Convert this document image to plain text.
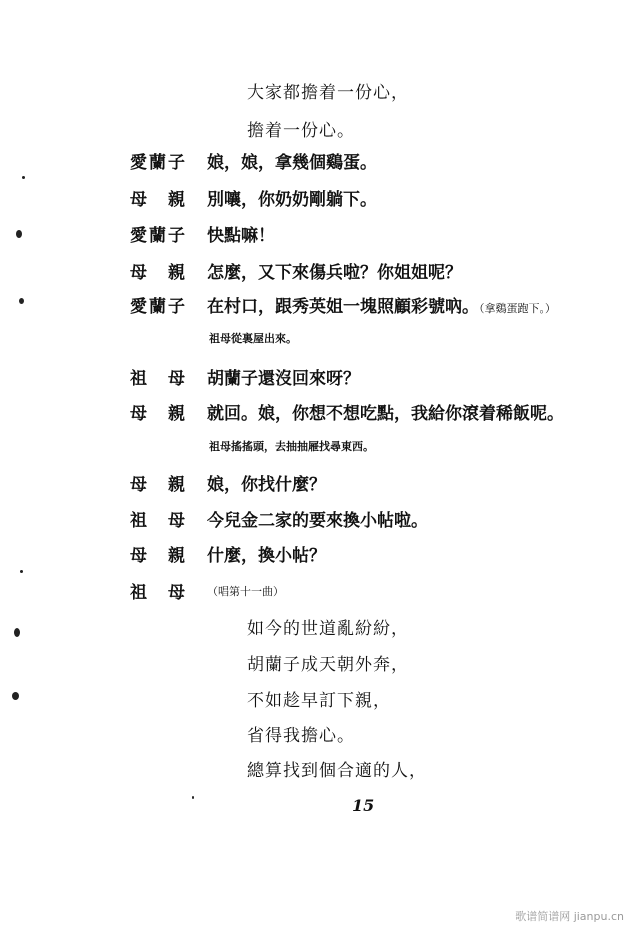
大家都擔着一份心，
擔着一份心。
愛蘭子 娘，娘，拿幾個鷄蛋。
母　親 別嚷，你奶奶剛躺下。
愛蘭子 快點嘛！
母　親 怎麼，又下來傷兵啦？你姐姐呢？
愛蘭子 在村口，跟秀英姐一塊照顧彩號吶。（拿鷄蛋跑下。）
祖母從裏屋出來。
祖　母 胡蘭子還沒回來呀？
母　親 就回。娘，你想不想吃點，我給你滾着稀飯呢。
祖母搖搖頭，去抽抽屜找尋東西。
母　親 娘，你找什麼？
祖　母 今兒金二家的要來換小帖啦。
母　親 什麼，換小帖？
祖　母 （唱第十一曲）
如今的世道亂紛紛，
胡蘭子成天朝外奔，
不如趁早訂下親，
省得我擔心。
總算找到個合適的人，
15
歌谱简谱网 jianpu.cn
